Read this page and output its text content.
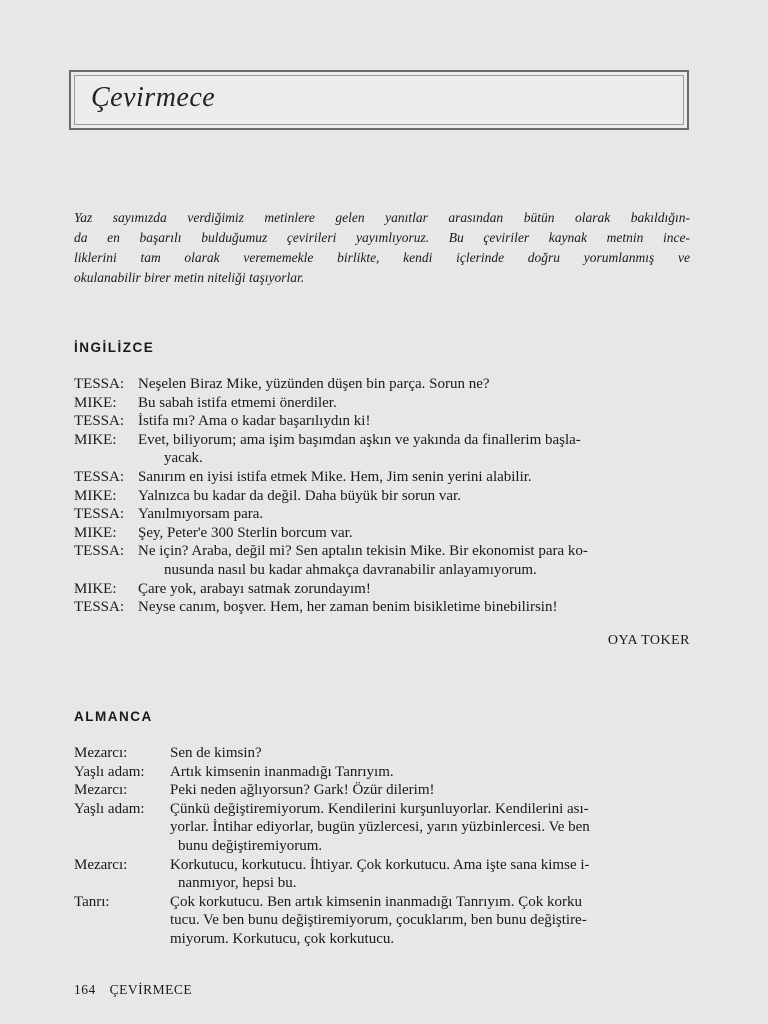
Çevirmece
Yaz sayımızda verdiğimiz metinlere gelen yanıtlar arasından bütün olarak bakıldığın-
da en başarılı bulduğumuz çevirileri yayımlıyoruz. Bu çeviriler kaynak metnin ince-
liklerini tam olarak verememekle birlikte, kendi içlerinde doğru yorumlanmış ve
okulanabilir birer metin niteliği taşıyorlar.
İNGİLİZCE
TESSA: Neşelen Biraz Mike, yüzünden düşen bin parça. Sorun ne?
MIKE: Bu sabah istifa etmemi önerdiler.
TESSA: İstifa mı? Ama o kadar başarılıydın ki!
MIKE: Evet, biliyorum; ama işim başımdan aşkın ve yakında da finallerim başla-
yacak.
TESSA: Sanırım en iyisi istifa etmek Mike. Hem, Jim senin yerini alabilir.
MIKE: Yalnızca bu kadar da değil. Daha büyük bir sorun var.
TESSA: Yanılmıyorsam para.
MIKE: Şey, Peter'e 300 Sterlin borcum var.
TESSA: Ne için? Araba, değil mi? Sen aptalın tekisin Mike. Bir ekonomist para ko-
nusunda nasıl bu kadar ahmakça davranabilir anlayamıyorum.
MIKE: Çare yok, arabayı satmak zorundayım!
TESSA: Neyse canım, boşver. Hem, her zaman benim bisikletime binebilirsin!
OYA TOKER
ALMANCA
Mezarcı:	Sen de kimsin?
Yaşlı adam: Artık kimsenin inanmadığı Tanrıyım.
Mezarcı:	Peki neden ağlıyorsun? Gark! Özür dilerim!
Yaşlı adam: Çünkü değiştiremiyorum. Kendilerini kurşunluyorlar. Kendilerini ası-
yorlar. İntihar ediyorlar, bugün yüzlercesi, yarın yüzbinlercesi. Ve ben
bunu değiştiremiyorum.
Mezarcı:	Korkutucu, korkutucu. İhtiyar. Çok korkutucu. Ama işte sana kimse i-
nanmıyor, hepsi bu.
Tanrı:	Çok korkutucu. Ben artık kimsenin inanmadığı Tanrıyım. Çok korku
tucu. Ve ben bunu değiştiremiyorum, çocuklarım, ben bunu değiştire-
miyorum. Korkutucu, çok korkutucu.
164 ÇEVİRMECE
